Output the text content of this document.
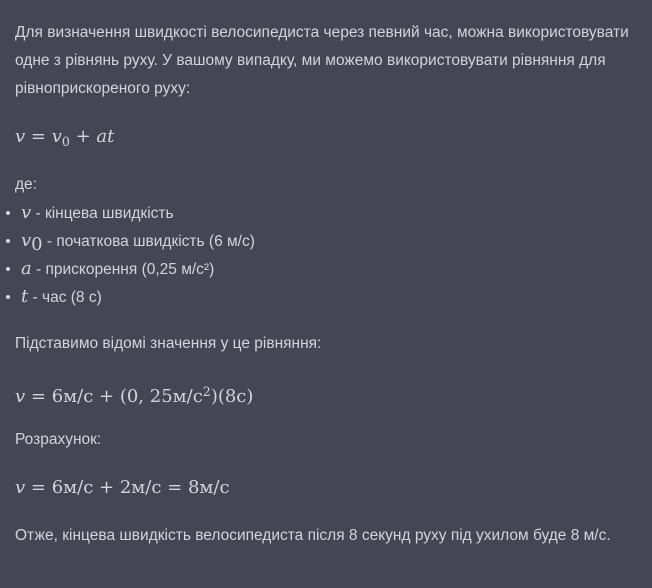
Для визначення швидкості велосипедиста через певний час, можна використовувати одне з рівнянь руху. У вашому випадку, ми можемо використовувати рівняння для рівноприскореного руху:

$v = v_0$ + at

де:

v - кінцева швидкість
$v_0$ - початкова швидкість (6 м/с)
a - прискорення (0,25 м/с²)
t - час (8 с)

Підставимо відомі значення у це рівняння:

v = 6м/с + (0, $25м/с^2)(8с)$

Розрахунок:

v = 6м/с + 2м/с = 8м/с

Отже, кінцева швидкість велосипедиста після 8 секунд руху під ухилом буде 8 м/с.
